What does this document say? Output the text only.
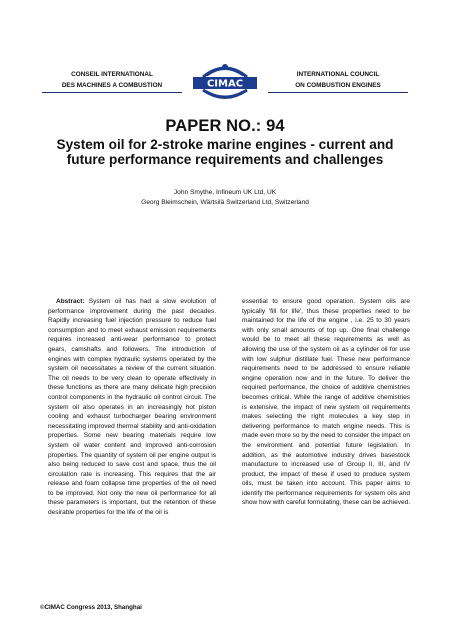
CONSEIL INTERNATIONAL
DES MACHINES A COMBUSTION	CIMAC
INTERNATIONAL COUNCIL
ON COMBUSTION ENGINES
PAPER NO.: 94
System oil for 2-stroke marine engines - current and future performance requirements and challenges
John Smythe, Infineum UK Ltd, UK
Georg Bleimschein, Wärtsilä Switzerland Ltd, Switzerland
Abstract: System oil has had a slow evolution of performance improvement during the past decades. Rapidly increasing fuel injection pressure to reduce fuel consumption and to meet exhaust emission requirements requires increased anti-wear performance to protect gears, camshafts and followers. The introduction of engines with complex hydraulic systems operated by the system oil necessitates a review of the current situation. The oil needs to be very clean to operate effectively in these functions as there are many delicate high precision control components in the hydraulic oil control circuit. The system oil also operates in an increasingly hot piston cooling and exhaust turbocharger bearing environment necessitating improved thermal stability and anti-oxidation properties. Some new bearing materials require low system oil water content and improved anti-corrosion properties. The quantity of system oil per engine output is also being reduced to save cost and space, thus the oil circulation rate is increasing. This requires that the air release and foam collapse time properties of the oil need to be improved. Not only the new oil performance for all these parameters is important, but the retention of these desirable properties for the life of the oil is
essential to ensure good operation. System oils are typically 'fill for life', thus these properties need to be maintained for the life of the engine , i.e. 25 to 30 years with only small amounts of top up. One final challenge would be to meet all these requirements as well as allowing the use of the system oil as a cylinder oil for use with low sulphur distillate fuel. These new performance requirements need to be addressed to ensure reliable engine operation now and in the future. To deliver the required performance, the choice of additive chemistries becomes critical. While the range of additive chemistries is extensive, the impact of new system oil requirements makes selecting the right molecules a key step in delivering performance to match engine needs. This is made even more so by the need to consider the impact on the environment and potential future legislation. In addition, as the automotive industry drives basestock manufacture to increased use of Group II, III, and IV product, the impact of these if used to produce system oils, must be taken into account. This paper aims to identify the performance requirements for system oils and show how with careful formulating, these can be achieved.
©CIMAC Congress 2013, Shanghai
